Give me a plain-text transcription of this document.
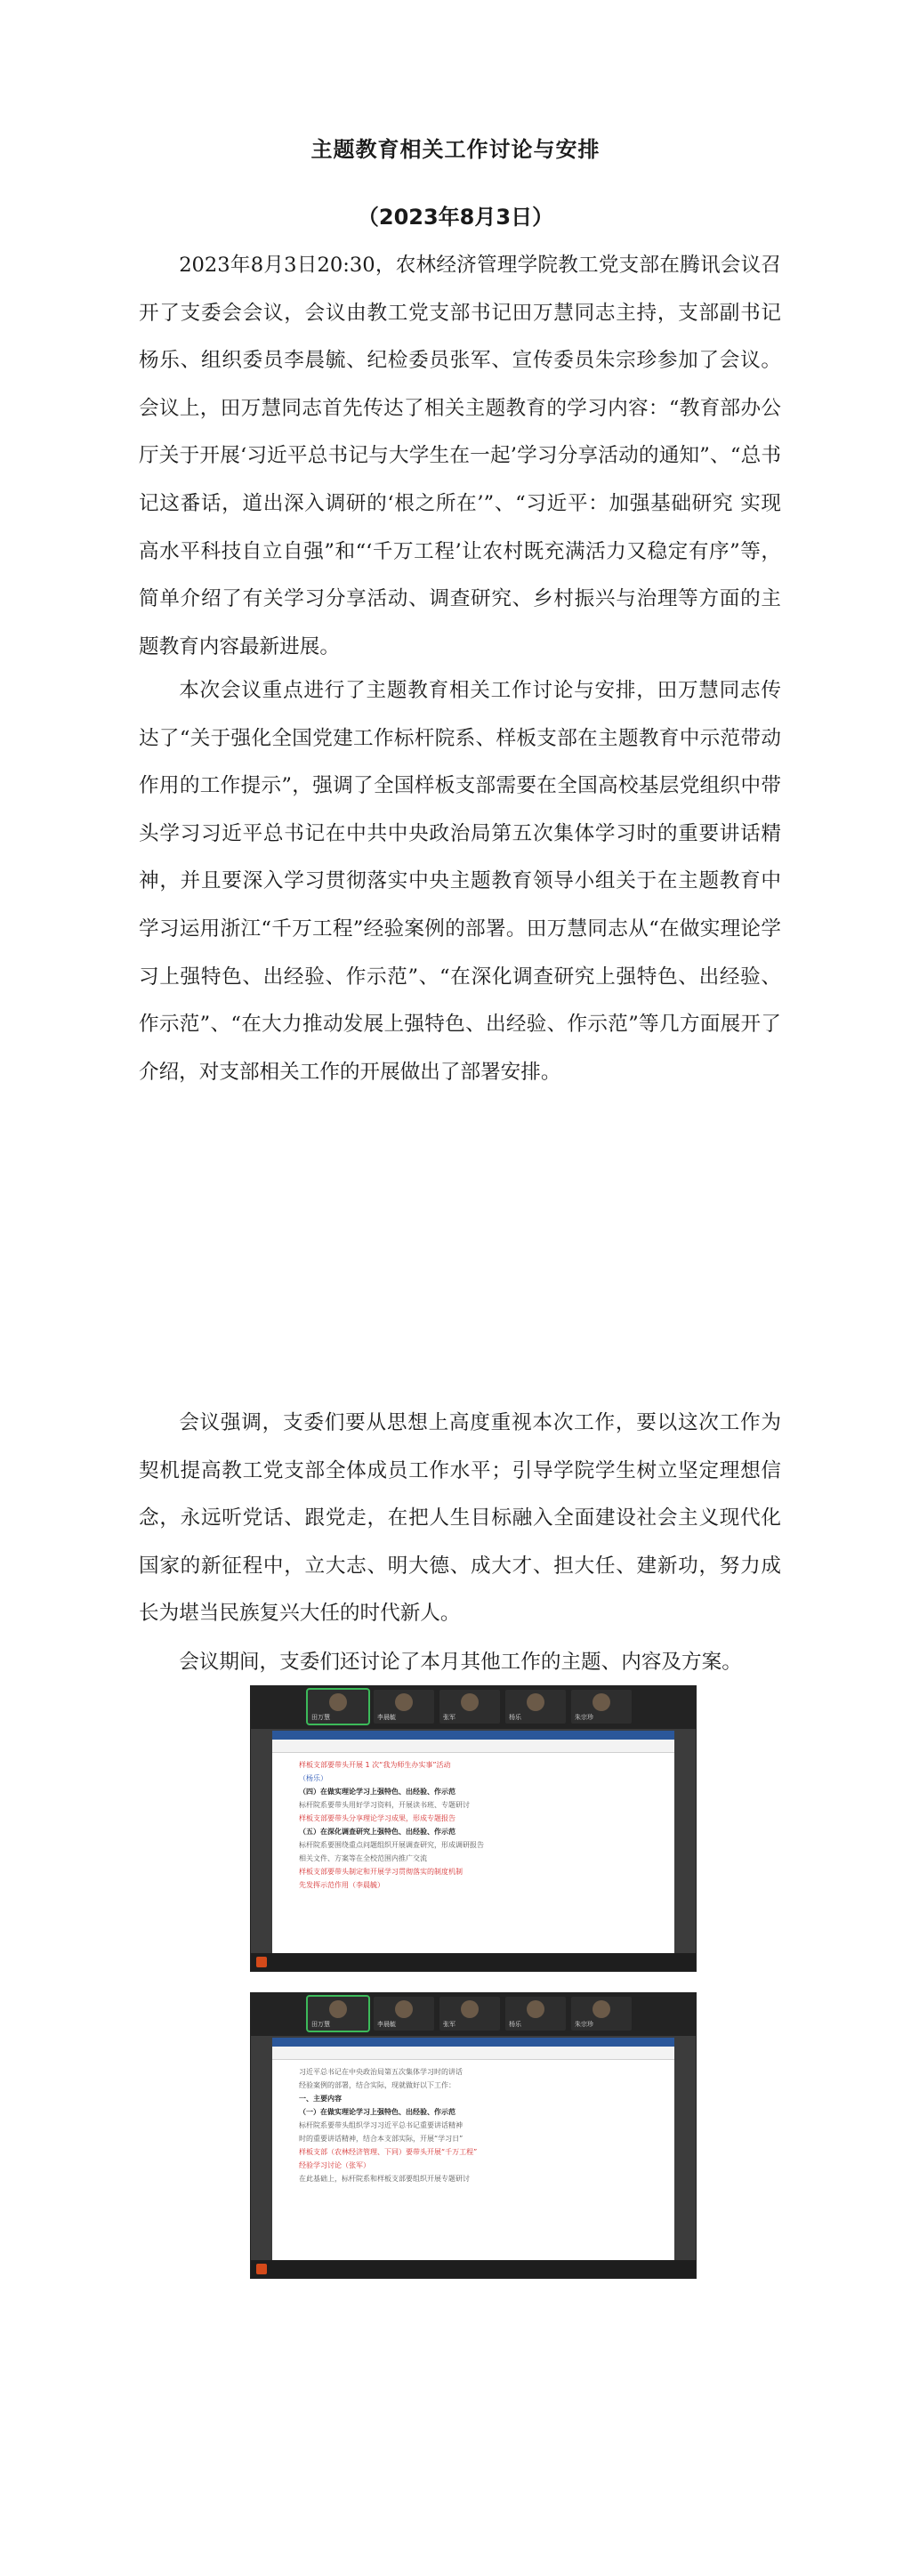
主题教育相关工作讨论与安排
（2023年8月3日）

2023年8月3日20:30，农林经济管理学院教工党支部在腾讯会议召开了支委会会议，会议由教工党支部书记田万慧同志主持，支部副书记杨乐、组织委员李晨毓、纪检委员张军、宣传委员朱宗珍参加了会议。会议上，田万慧同志首先传达了相关主题教育的学习内容：“教育部办公厅关于开展‘习近平总书记与大学生在一起’学习分享活动的通知”、“总书记这番话，道出深入调研的‘根之所在’”、“习近平：加强基础研究 实现高水平科技自立自强”和“‘千万工程’让农村既充满活力又稳定有序”等，简单介绍了有关学习分享活动、调查研究、乡村振兴与治理等方面的主题教育内容最新进展。

本次会议重点进行了主题教育相关工作讨论与安排，田万慧同志传达了“关于强化全国党建工作标杆院系、样板支部在主题教育中示范带动作用的工作提示”，强调了全国样板支部需要在全国高校基层党组织中带头学习习近平总书记在中共中央政治局第五次集体学习时的重要讲话精神，并且要深入学习贯彻落实中央主题教育领导小组关于在主题教育中学习运用浙江“千万工程”经验案例的部署。田万慧同志从“在做实理论学习上强特色、出经验、作示范”、“在深化调查研究上强特色、出经验、作示范”、“在大力推动发展上强特色、出经验、作示范”等几方面展开了介绍，对支部相关工作的开展做出了部署安排。

会议强调，支委们要从思想上高度重视本次工作，要以这次工作为契机提高教工党支部全体成员工作水平；引导学院学生树立坚定理想信念，永远听党话、跟党走，在把人生目标融入全面建设社会主义现代化国家的新征程中，立大志、明大德、成大才、担大任、建新功，努力成长为堪当民族复兴大任的时代新人。

会议期间，支委们还讨论了本月其他工作的主题、内容及方案。

田万慧	李晨毓	张军	杨乐	朱宗珍
样板支部要带头开展 1 次“我为师生办实事”活动
（杨乐）
（四）在做实理论学习上强特色、出经验、作示范
标杆院系要带头用好学习资料，开展读书班、专题研讨
样板支部要带头分享理论学习成果，形成专题报告
（五）在深化调查研究上强特色、出经验、作示范
标杆院系要围绕重点问题组织开展调查研究，形成调研报告
相关文件、方案等在全校范围内推广交流
样板支部要带头制定和开展学习贯彻落实的制度机制
先发挥示范作用（李晨毓）
田万慧	李晨毓	张军	杨乐	朱宗珍
习近平总书记在中央政治局第五次集体学习时的讲话
经验案例的部署，结合实际，现就做好以下工作：
一、主要内容
（一）在做实理论学习上强特色、出经验、作示范
标杆院系要带头组织学习习近平总书记重要讲话精神
时的重要讲话精神，结合本支部实际，开展“学习日”
样板支部（农林经济管理、下同）要带头开展“千万工程”
经验学习讨论（张军）
在此基础上，标杆院系和样板支部要组织开展专题研讨
